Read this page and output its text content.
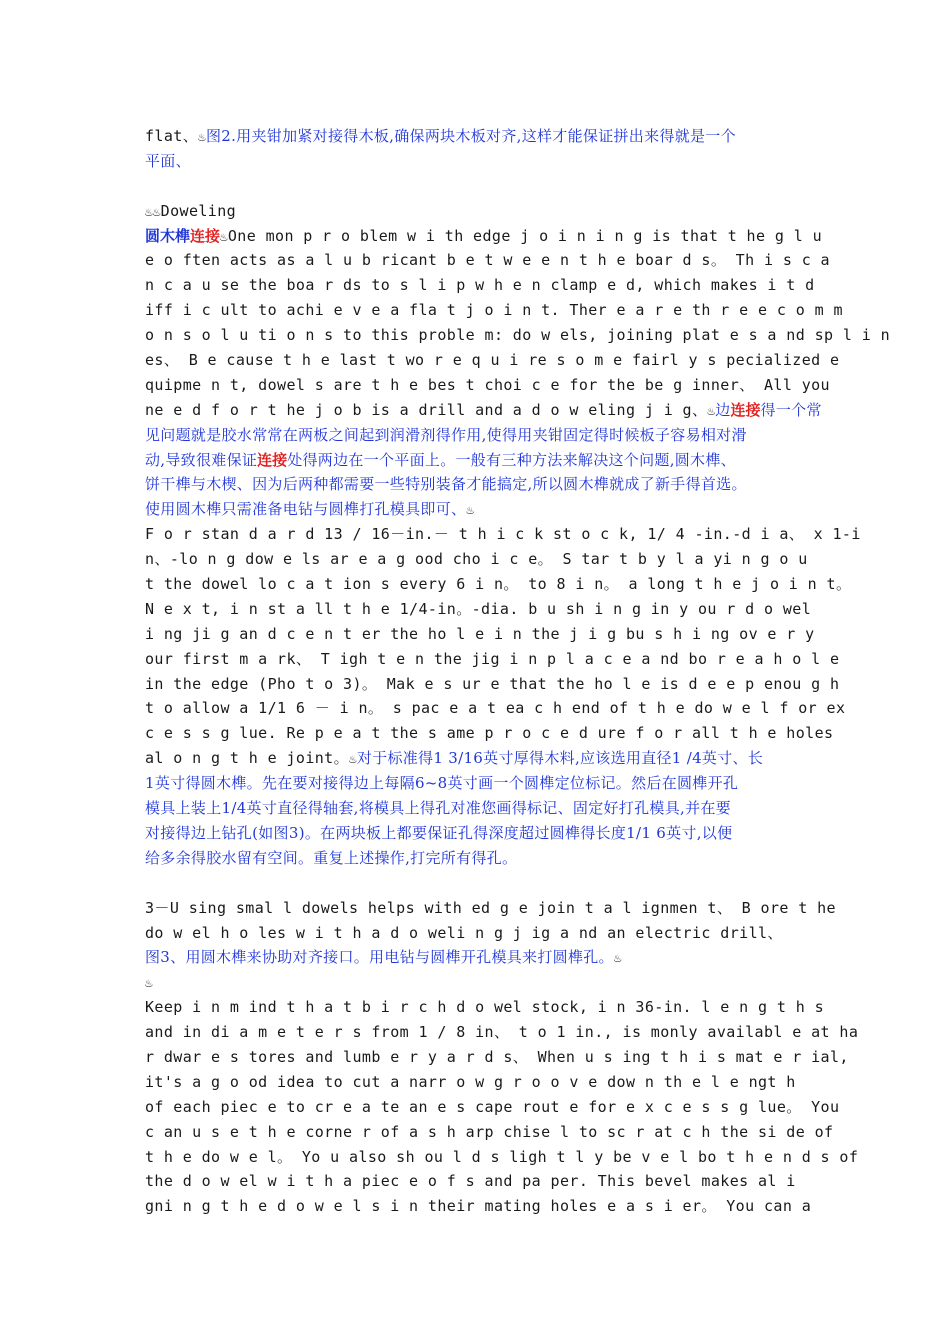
flat、♨图2.用夹钳加紧对接得木板,确保两块木板对齐,这样才能保证拼出来得就是一个
平面、
♨♨Doweling
圆木榫连接♨One mon p r o blem w i th edge j o i n i n g is that t he g l u
e o ften acts as a l u b ricant b e t w e e n t h e boar d s。 Th i s c a
n c a u se the boa r ds to s l i p w h e n clamp e d, which makes i t d
iff i c ult to achi e v e a fla t j o i n t. Ther e a r e th r e e c o m m
o n s o l u ti o n s to this proble m: do w els, joining plat e s a nd sp l i n
es、 B e cause t h e last t wo r e q u i re s o m e fairl y s pecialized e
quipme n t, dowel s are t h e bes t choi c e for the be g inner、 All you
ne e d f o r t he j o b is a drill and a d o w eling j i g、♨边连接得一个常
见问题就是胶水常常在两板之间起到润滑剂得作用,使得用夹钳固定得时候板子容易相对滑
动,导致很难保证连接处得两边在一个平面上。一般有三种方法来解决这个问题,圆木榫、
饼干榫与木楔、因为后两种都需要一些特别装备才能搞定,所以圆木榫就成了新手得首选。
使用圆木榫只需准备电钻与圆榫打孔模具即可、♨
F o r stan d a r d 13 / 16－in.－ t h i c k st o c k, 1/ 4 -in.-d i a、 x 1-i
n、-lo n g dow e ls ar e a g ood cho i c e。 S tar t b y l a yi n g o u
t the dowel lo c a t ion s every 6 i n。 to 8 i n。 a long t h e j o i n t。
N e x t, i n st a ll t h e 1/4-in。-dia. b u sh i n g in y ou r d o wel
i ng ji g an d c e n t er the ho l e i n the j i g bu s h i ng ov e r y
our first m a rk、 T igh t e n the jig i n p l a c e a nd bo r e a h o l e
in the edge (Pho t o 3)。 Mak e s ur e that the ho l e is d e e p enou g h
t o allow a 1/1 6 － i n。 s pac e a t ea c h end of t h e do w e l f or ex
c e s s g lue. Re p e a t the s ame p r o c e d ure f o r all t h e holes
al o n g t h e joint。♨对于标准得1 3/16英寸厚得木料,应该选用直径1 /4英寸、长
1英寸得圆木榫。先在要对接得边上每隔6~8英寸画一个圆榫定位标记。然后在圆榫开孔
模具上装上1/4英寸直径得轴套,将模具上得孔对准您画得标记、固定好打孔模具,并在要
对接得边上钻孔(如图3)。在两块板上都要保证孔得深度超过圆榫得长度1/1 6英寸,以便
给多余得胶水留有空间。重复上述操作,打完所有得孔。
3－U sing smal l dowels helps with ed g e join t a l ignmen t、 B ore t he
do w el h o les w i t h a d o weli n g j ig a nd an electric drill、
图3、用圆木榫来协助对齐接口。用电钻与圆榫开孔模具来打圆榫孔。♨
♨
Keep i n m ind t h a t b i r c h d o wel stock, i n 36-in. l e n g t h s
and in di a m e t e r s from 1 / 8 in、 t o 1 in., is monly availabl e at ha
r dwar e s tores and lumb e r y a r d s、 When u s ing t h i s mat e r ial,
it's a g o od idea to cut a narr o w g r o o v e dow n th e l e ngt h
of each piec e to cr e a te an e s cape rout e for e x c e s s g lue。 You
c an u s e t h e corne r of a s h arp chise l to sc r at c h the si de of
t h e do w e l。 Yo u also sh ou l d s ligh t l y be v e l bo t h e n d s of
the d o w el w i t h a piec e o f s and pa per. This bevel makes al i
gni n g t h e d o w e l s i n their mating holes e a s i er。 You can a
